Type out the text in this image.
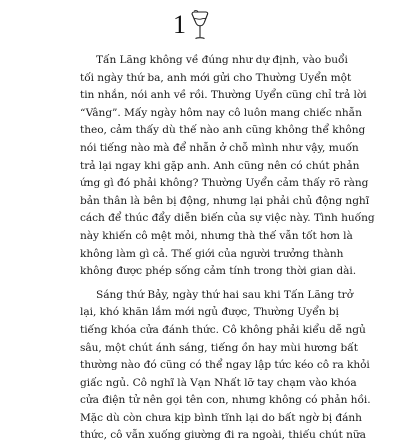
1

Tấn Lãng không về đúng như dự định, vào buổi
tối ngày thứ ba, anh mới gửi cho Thường Uyển một
tin nhắn, nói anh về rồi. Thường Uyển cũng chỉ trả lời
“Vâng”. Mấy ngày hôm nay cô luôn mang chiếc nhẫn
theo, cảm thấy dù thế nào anh cũng không thể không
nói tiếng nào mà để nhẫn ở chỗ mình như vậy, muốn
trả lại ngay khi gặp anh. Anh cũng nên có chút phản
ứng gì đó phải không? Thường Uyển cảm thấy rõ ràng
bản thân là bên bị động, nhưng lại phải chủ động nghĩ
cách để thúc đẩy diễn biến của sự việc này. Tình huống
này khiến cô mệt mỏi, nhưng thà thế vẫn tốt hơn là
không làm gì cả. Thế giới của người trưởng thành
không được phép sống cảm tính trong thời gian dài.

Sáng thứ Bảy, ngày thứ hai sau khi Tấn Lãng trở
lại, khó khăn lắm mới ngủ được, Thường Uyển bị
tiếng khóa cửa đánh thức. Cô không phải kiểu dễ ngủ
sâu, một chút ánh sáng, tiếng ồn hay mùi hương bất
thường nào đó cũng có thể ngay lập tức kéo cô ra khỏi
giấc ngủ. Cô nghĩ là Vạn Nhất lỡ tay chạm vào khóa
cửa điện tử nên gọi tên con, nhưng không có phản hồi.
Mặc dù còn chưa kịp bình tĩnh lại do bất ngờ bị đánh
thức, cô vẫn xuống giường đi ra ngoài, thiếu chút nữa
